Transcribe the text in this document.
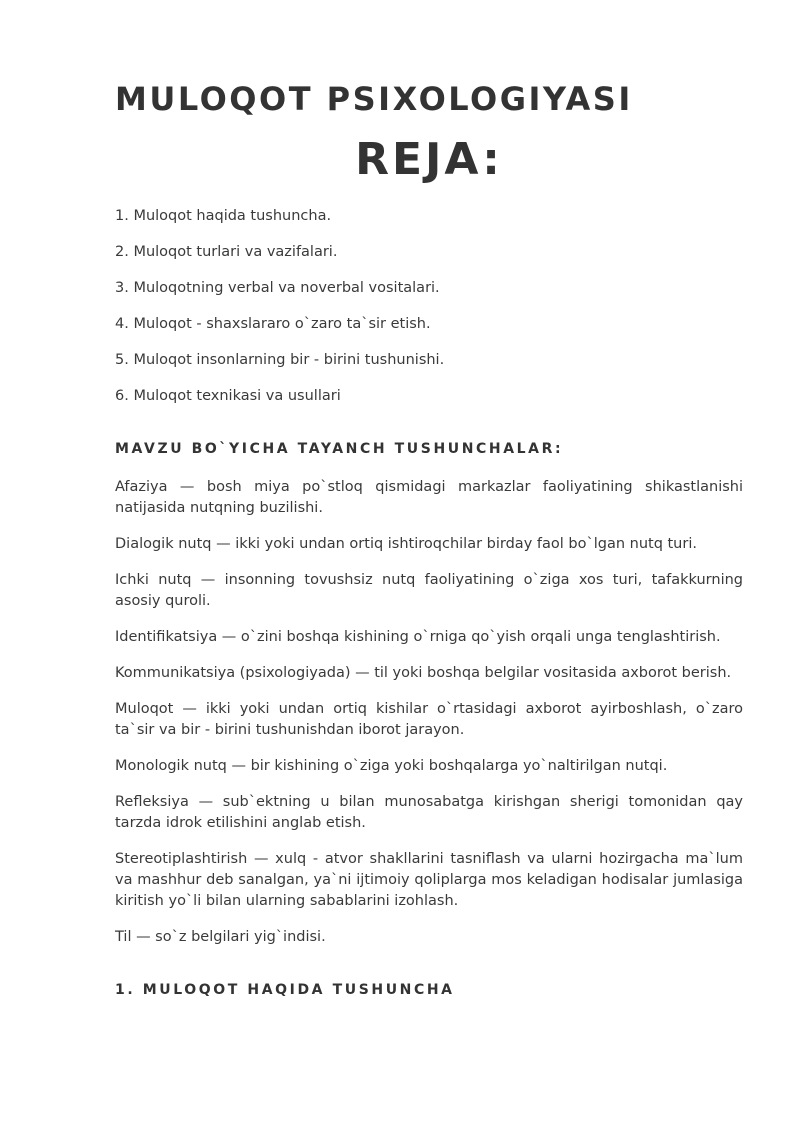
MULOQOT PSIXOLOGIYASI
REJA:
1. Muloqot haqida tushuncha.
2. Muloqot turlari va vazifalari.
3. Muloqotning verbal va noverbal vositalari.
4. Muloqot - shaxslararo o`zaro ta`sir etish.
5. Muloqot insonlarning bir - birini tushunishi.
6. Muloqot texnikasi va usullari
MAVZU BO`YICHA TAYANCH TUSHUNCHALAR:

Afaziya — bosh miya po`stloq qismidagi markazlar faoliyatining shikastlanishi natijasida nutqning buzilishi.

Dialogik nutq — ikki yoki undan ortiq ishtiroqchilar birday faol bo`lgan nutq turi.

Ichki nutq — insonning tovushsiz nutq faoliyatining o`ziga xos turi, tafakkurning asosiy quroli.

Identifikatsiya — o`zini boshqa kishining o`rniga qo`yish orqali unga tenglashtirish.

Kommunikatsiya (psixologiyada) — til yoki boshqa belgilar vositasida axborot berish.

Muloqot — ikki yoki undan ortiq kishilar o`rtasidagi axborot ayirboshlash, o`zaro ta`sir va bir - birini tushunishdan iborot jarayon.

Monologik nutq — bir kishining o`ziga yoki boshqalarga yo`naltirilgan nutqi.

Refleksiya — sub`ektning u bilan munosabatga kirishgan sherigi tomonidan qay tarzda idrok etilishini anglab etish.

Stereotiplashtirish — xulq - atvor shakllarini tasniflash va ularni hozirgacha ma`lum va mashhur deb sanalgan, ya`ni ijtimoiy qoliplarga mos keladigan hodisalar jumlasiga kiritish yo`li bilan ularning sabablarini izohlash.

Til — so`z belgilari yig`indisi.

1. MULOQOT HAQIDA TUSHUNCHA
